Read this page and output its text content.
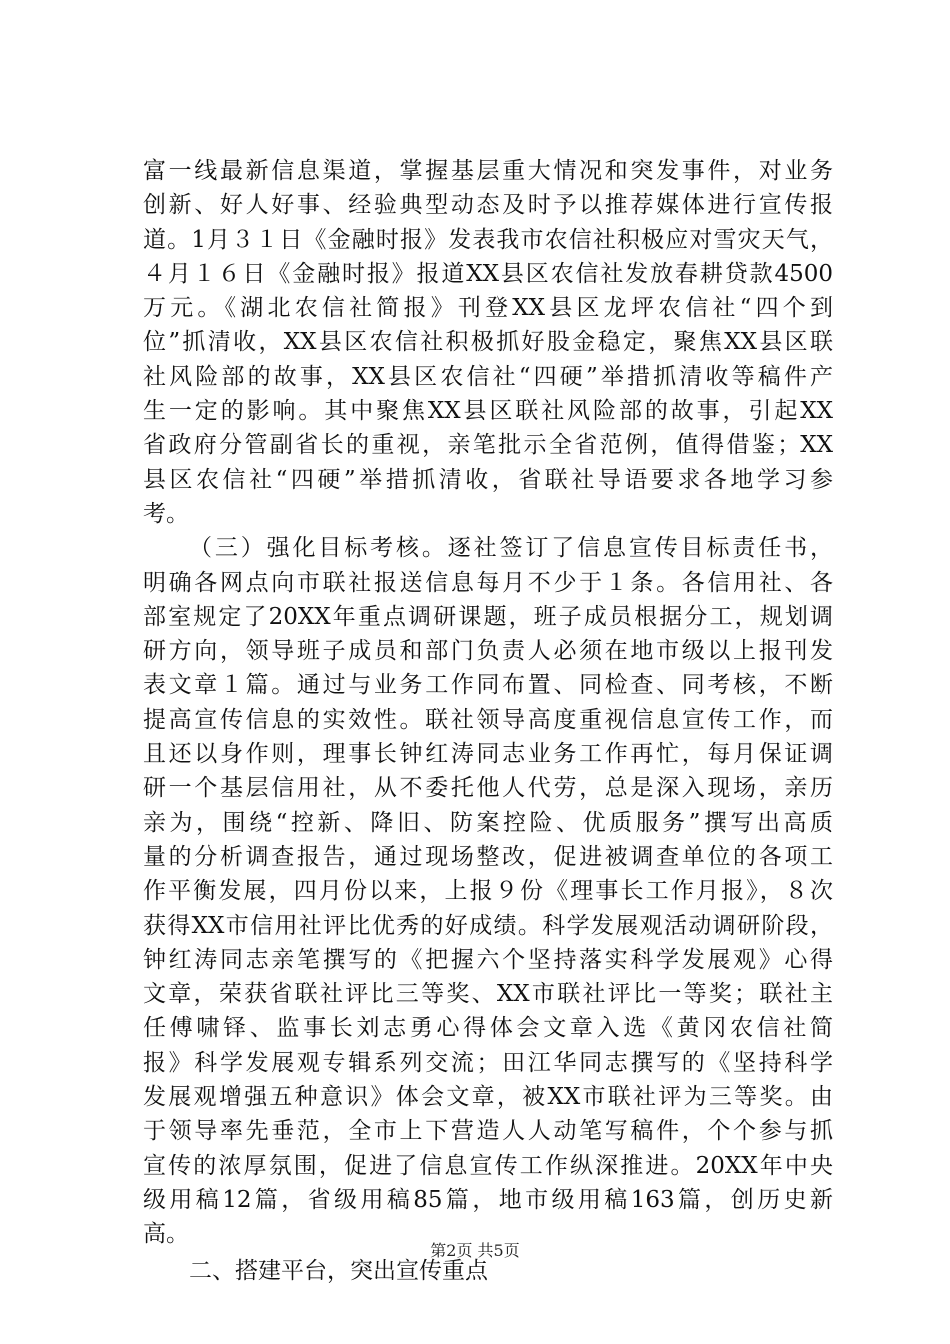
富一线最新信息渠道，掌握基层重大情况和突发事件，对业务
创新、好人好事、经验典型动态及时予以推荐媒体进行宣传报
道。1月３１日《金融时报》发表我市农信社积极应对雪灾天气，
４月１６日《金融时报》报道XX县区农信社发放春耕贷款4500
万元。《湖北农信社简报》刊登XX县区龙坪农信社“四个到
位”抓清收，XX县区农信社积极抓好股金稳定，聚焦XX县区联
社风险部的故事，XX县区农信社“四硬”举措抓清收等稿件产
生一定的影响。其中聚焦XX县区联社风险部的故事，引起XX
省政府分管副省长的重视，亲笔批示全省范例，值得借鉴；XX
县区农信社“四硬”举措抓清收，省联社导语要求各地学习参
考。
（三）强化目标考核。逐社签订了信息宣传目标责任书，
明确各网点向市联社报送信息每月不少于１条。各信用社、各
部室规定了20XX年重点调研课题，班子成员根据分工，规划调
研方向，领导班子成员和部门负责人必须在地市级以上报刊发
表文章１篇。通过与业务工作同布置、同检查、同考核，不断
提高宣传信息的实效性。联社领导高度重视信息宣传工作，而
且还以身作则，理事长钟红涛同志业务工作再忙，每月保证调
研一个基层信用社，从不委托他人代劳，总是深入现场，亲历
亲为，围绕“控新、降旧、防案控险、优质服务”撰写出高质
量的分析调查报告，通过现场整改，促进被调查单位的各项工
作平衡发展，四月份以来，上报９份《理事长工作月报》，８次
获得XX市信用社评比优秀的好成绩。科学发展观活动调研阶段，
钟红涛同志亲笔撰写的《把握六个坚持落实科学发展观》心得
文章，荣获省联社评比三等奖、XX市联社评比一等奖；联社主
任傅啸铎、监事长刘志勇心得体会文章入选《黄冈农信社简
报》科学发展观专辑系列交流；田江华同志撰写的《坚持科学
发展观增强五种意识》体会文章，被XX市联社评为三等奖。由
于领导率先垂范，全市上下营造人人动笔写稿件，个个参与抓
宣传的浓厚氛围，促进了信息宣传工作纵深推进。20XX年中央
级用稿12篇，省级用稿85篇，地市级用稿163篇，创历史新
高。
二、搭建平台，突出宣传重点
第2页 共5页
